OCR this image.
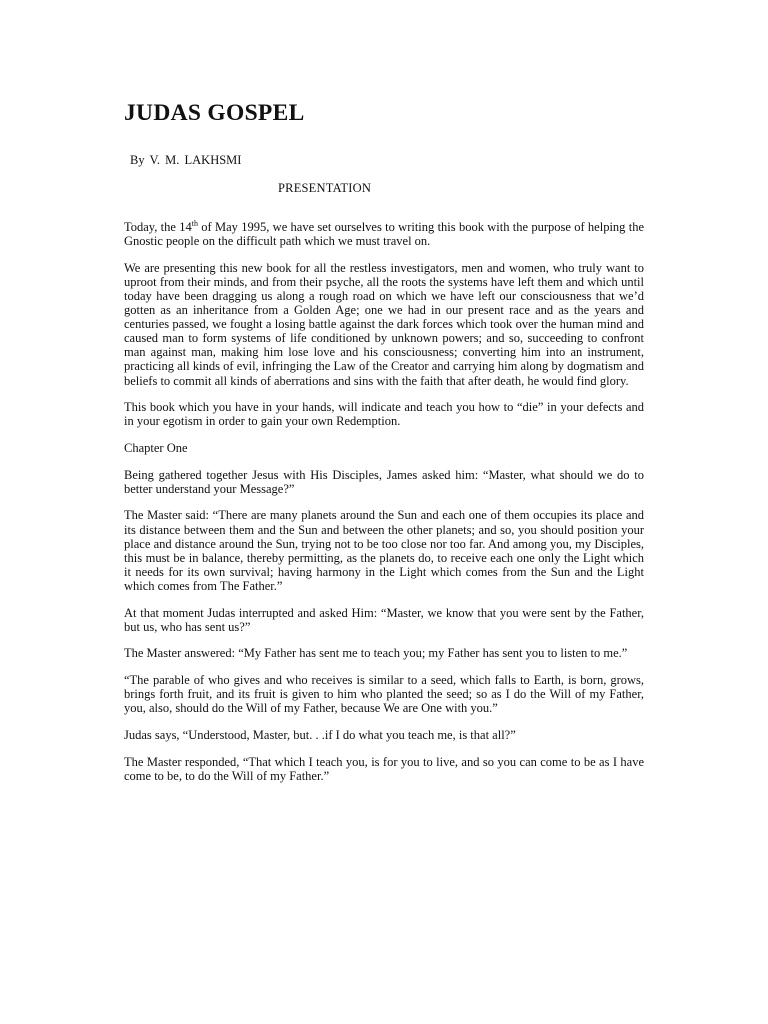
JUDAS GOSPEL

By V. M. LAKHSMI

PRESENTATION

Today, the 14th of May 1995, we have set ourselves to writing this book with the purpose of helping the Gnostic people on the difficult path which we must travel on.

We are presenting this new book for all the restless investigators, men and women, who truly want to uproot from their minds, and from their psyche, all the roots the systems have left them and which until today have been dragging us along a rough road on which we have left our consciousness that we’d gotten as an inheritance from a Golden Age; one we had in our present race and as the years and centuries passed, we fought a losing battle against the dark forces which took over the human mind and caused man to form systems of life conditioned by unknown powers; and so, succeeding to confront man against man, making him lose love and his consciousness; converting him into an instrument, practicing all kinds of evil, infringing the Law of the Creator and carrying him along by dogmatism and beliefs to commit all kinds of aberrations and sins with the faith that after death, he would find glory.

This book which you have in your hands, will indicate and teach you how to “die” in your defects and in your egotism in order to gain your own Redemption.

Chapter One

Being gathered together Jesus with His Disciples, James asked him: “Master, what should we do to better understand your Message?”

The Master said: “There are many planets around the Sun and each one of them occupies its place and its distance between them and the Sun and between the other planets; and so, you should position your place and distance around the Sun, trying not to be too close nor too far. And among you, my Disciples, this must be in balance, thereby permitting, as the planets do, to receive each one only the Light which it needs for its own survival; having harmony in the Light which comes from the Sun and the Light which comes from The Father.”

At that moment Judas interrupted and asked Him: “Master, we know that you were sent by the Father, but us, who has sent us?”

The Master answered: “My Father has sent me to teach you; my Father has sent you to listen to me.”

“The parable of who gives and who receives is similar to a seed, which falls to Earth, is born, grows, brings forth fruit, and its fruit is given to him who planted the seed; so as I do the Will of my Father, you, also, should do the Will of my Father, because We are One with you.”

Judas says, “Understood, Master, but. . .if I do what you teach me, is that all?”

The Master responded, “That which I teach you, is for you to live, and so you can come to be as I have come to be, to do the Will of my Father.”
